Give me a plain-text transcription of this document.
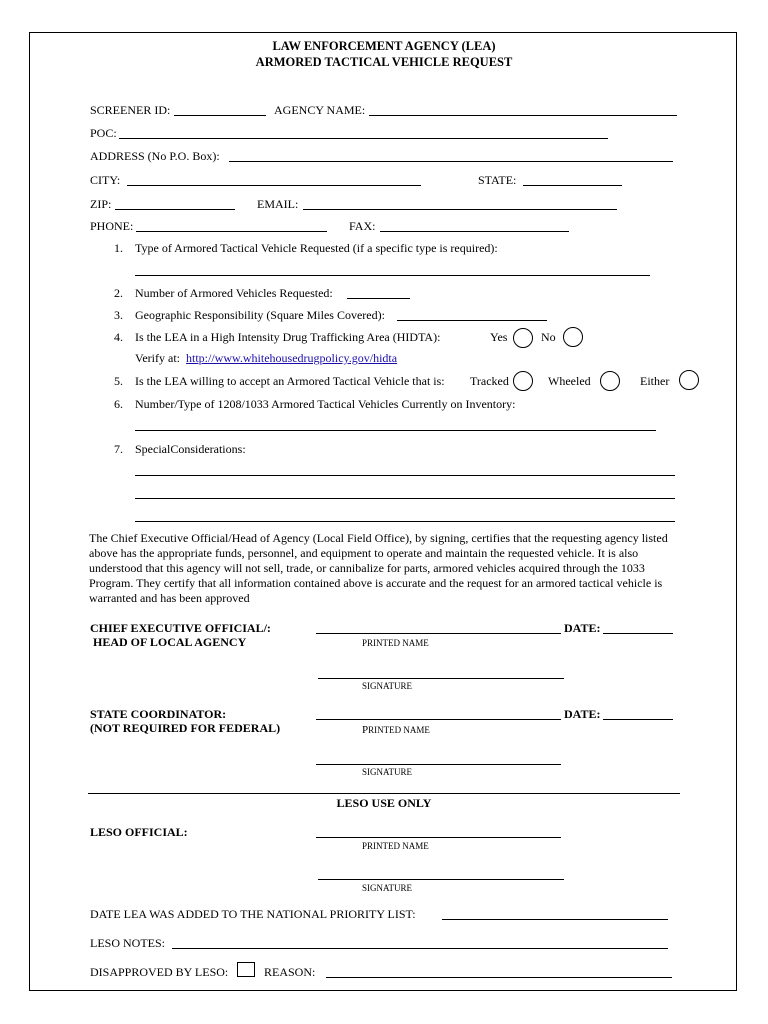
LAW ENFORCEMENT AGENCY (LEA)
ARMORED TACTICAL VEHICLE REQUEST
SCREENER ID:	AGENCY NAME:
POC:
ADDRESS (No P.O. Box):
CITY:	STATE:
ZIP:	EMAIL:
PHONE:	FAX:
1. Type of Armored Tactical Vehicle Requested (if a specific type is required):
2. Number of Armored Vehicles Requested:
3. Geographic Responsibility (Square Miles Covered):
4. Is the LEA in a High Intensity Drug Trafficking Area (HIDTA):	Yes	No
Verify at: http://www.whitehousedrugpolicy.gov/hidta
5. Is the LEA willing to accept an Armored Tactical Vehicle that is: Tracked	Wheeled	Either
6. Number/Type of 1208/1033 Armored Tactical Vehicles Currently on Inventory:
7. SpecialConsiderations:
The Chief Executive Official/Head of Agency (Local Field Office), by signing, certifies that the requesting agency listed above has the appropriate funds, personnel, and equipment to operate and maintain the requested vehicle. It is also understood that this agency will not sell, trade, or cannibalize for parts, armored vehicles acquired through the 1033 Program. They certify that all information contained above is accurate and the request for an armored tactical vehicle is warranted and has been approved
CHIEF EXECUTIVE OFFICIAL/:
HEAD OF LOCAL AGENCY
DATE:
PRINTED NAME
SIGNATURE
STATE COORDINATOR:
(NOT REQUIRED FOR FEDERAL)
DATE:
PRINTED NAME
SIGNATURE
LESO USE ONLY
LESO OFFICIAL:
PRINTED NAME
SIGNATURE
DATE LEA WAS ADDED TO THE NATIONAL PRIORITY LIST:
LESO NOTES:
DISAPPROVED BY LESO:	REASON:
